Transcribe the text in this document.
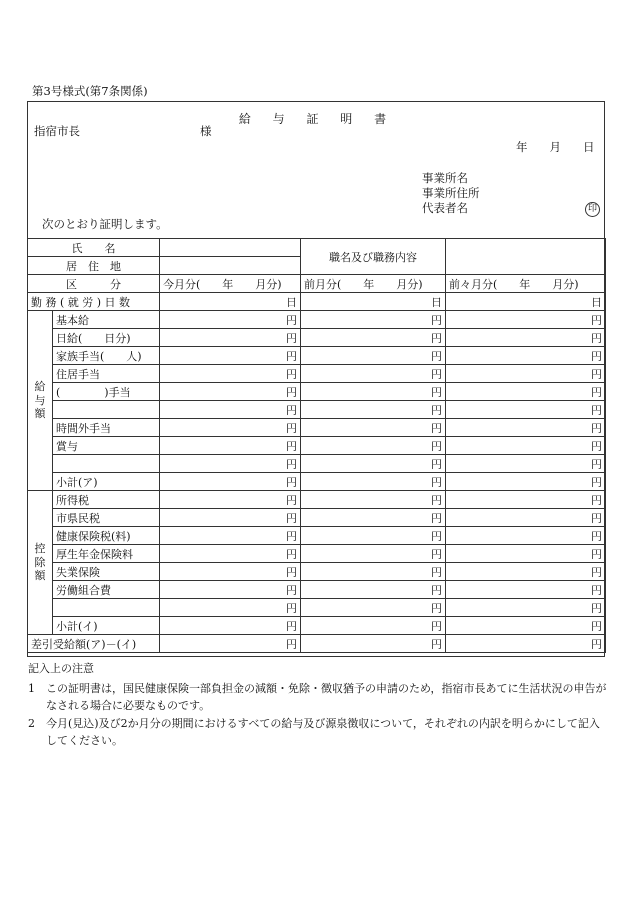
第3号様式(第7条関係)
給 与 証 明 書
指宿市長	様
年 月 日
事業所名
事業所住所
代表者名	印
次のとおり証明します。
氏　　名			職名及び職務内容	
居　住　地				
区　　　分		今月分(　　年　　月分)	前月分(　　年　　月分)	前々月分(　　年　　月分)
勤 務 ( 就 労 ) 日 数		日	日	日
給与額	基本給	円	円	円
	日給(　　日分)	円	円	円
	家族手当(　　人)	円	円	円
	住居手当	円	円	円
	(　　　　)手当	円	円	円
		円	円	円
	時間外手当	円	円	円
	賞与	円	円	円
		円	円	円
	小計(ア)	円	円	円
控除額	所得税	円	円	円
	市県民税	円	円	円
	健康保険税(料)	円	円	円
	厚生年金保険料	円	円	円
	失業保険	円	円	円
	労働組合費	円	円	円
		円	円	円
	小計(イ)	円	円	円
差引受給額(ア)－(イ)		円	円	円
記入上の注意
1	この証明書は，国民健康保険一部負担金の減額・免除・徴収猶予の申請のため，指宿市長あてに生活状況の申告がなされる場合に必要なものです。
2	今月(見込)及び2か月分の期間におけるすべての給与及び源泉徴収について，それぞれの内訳を明らかにして記入してください。
